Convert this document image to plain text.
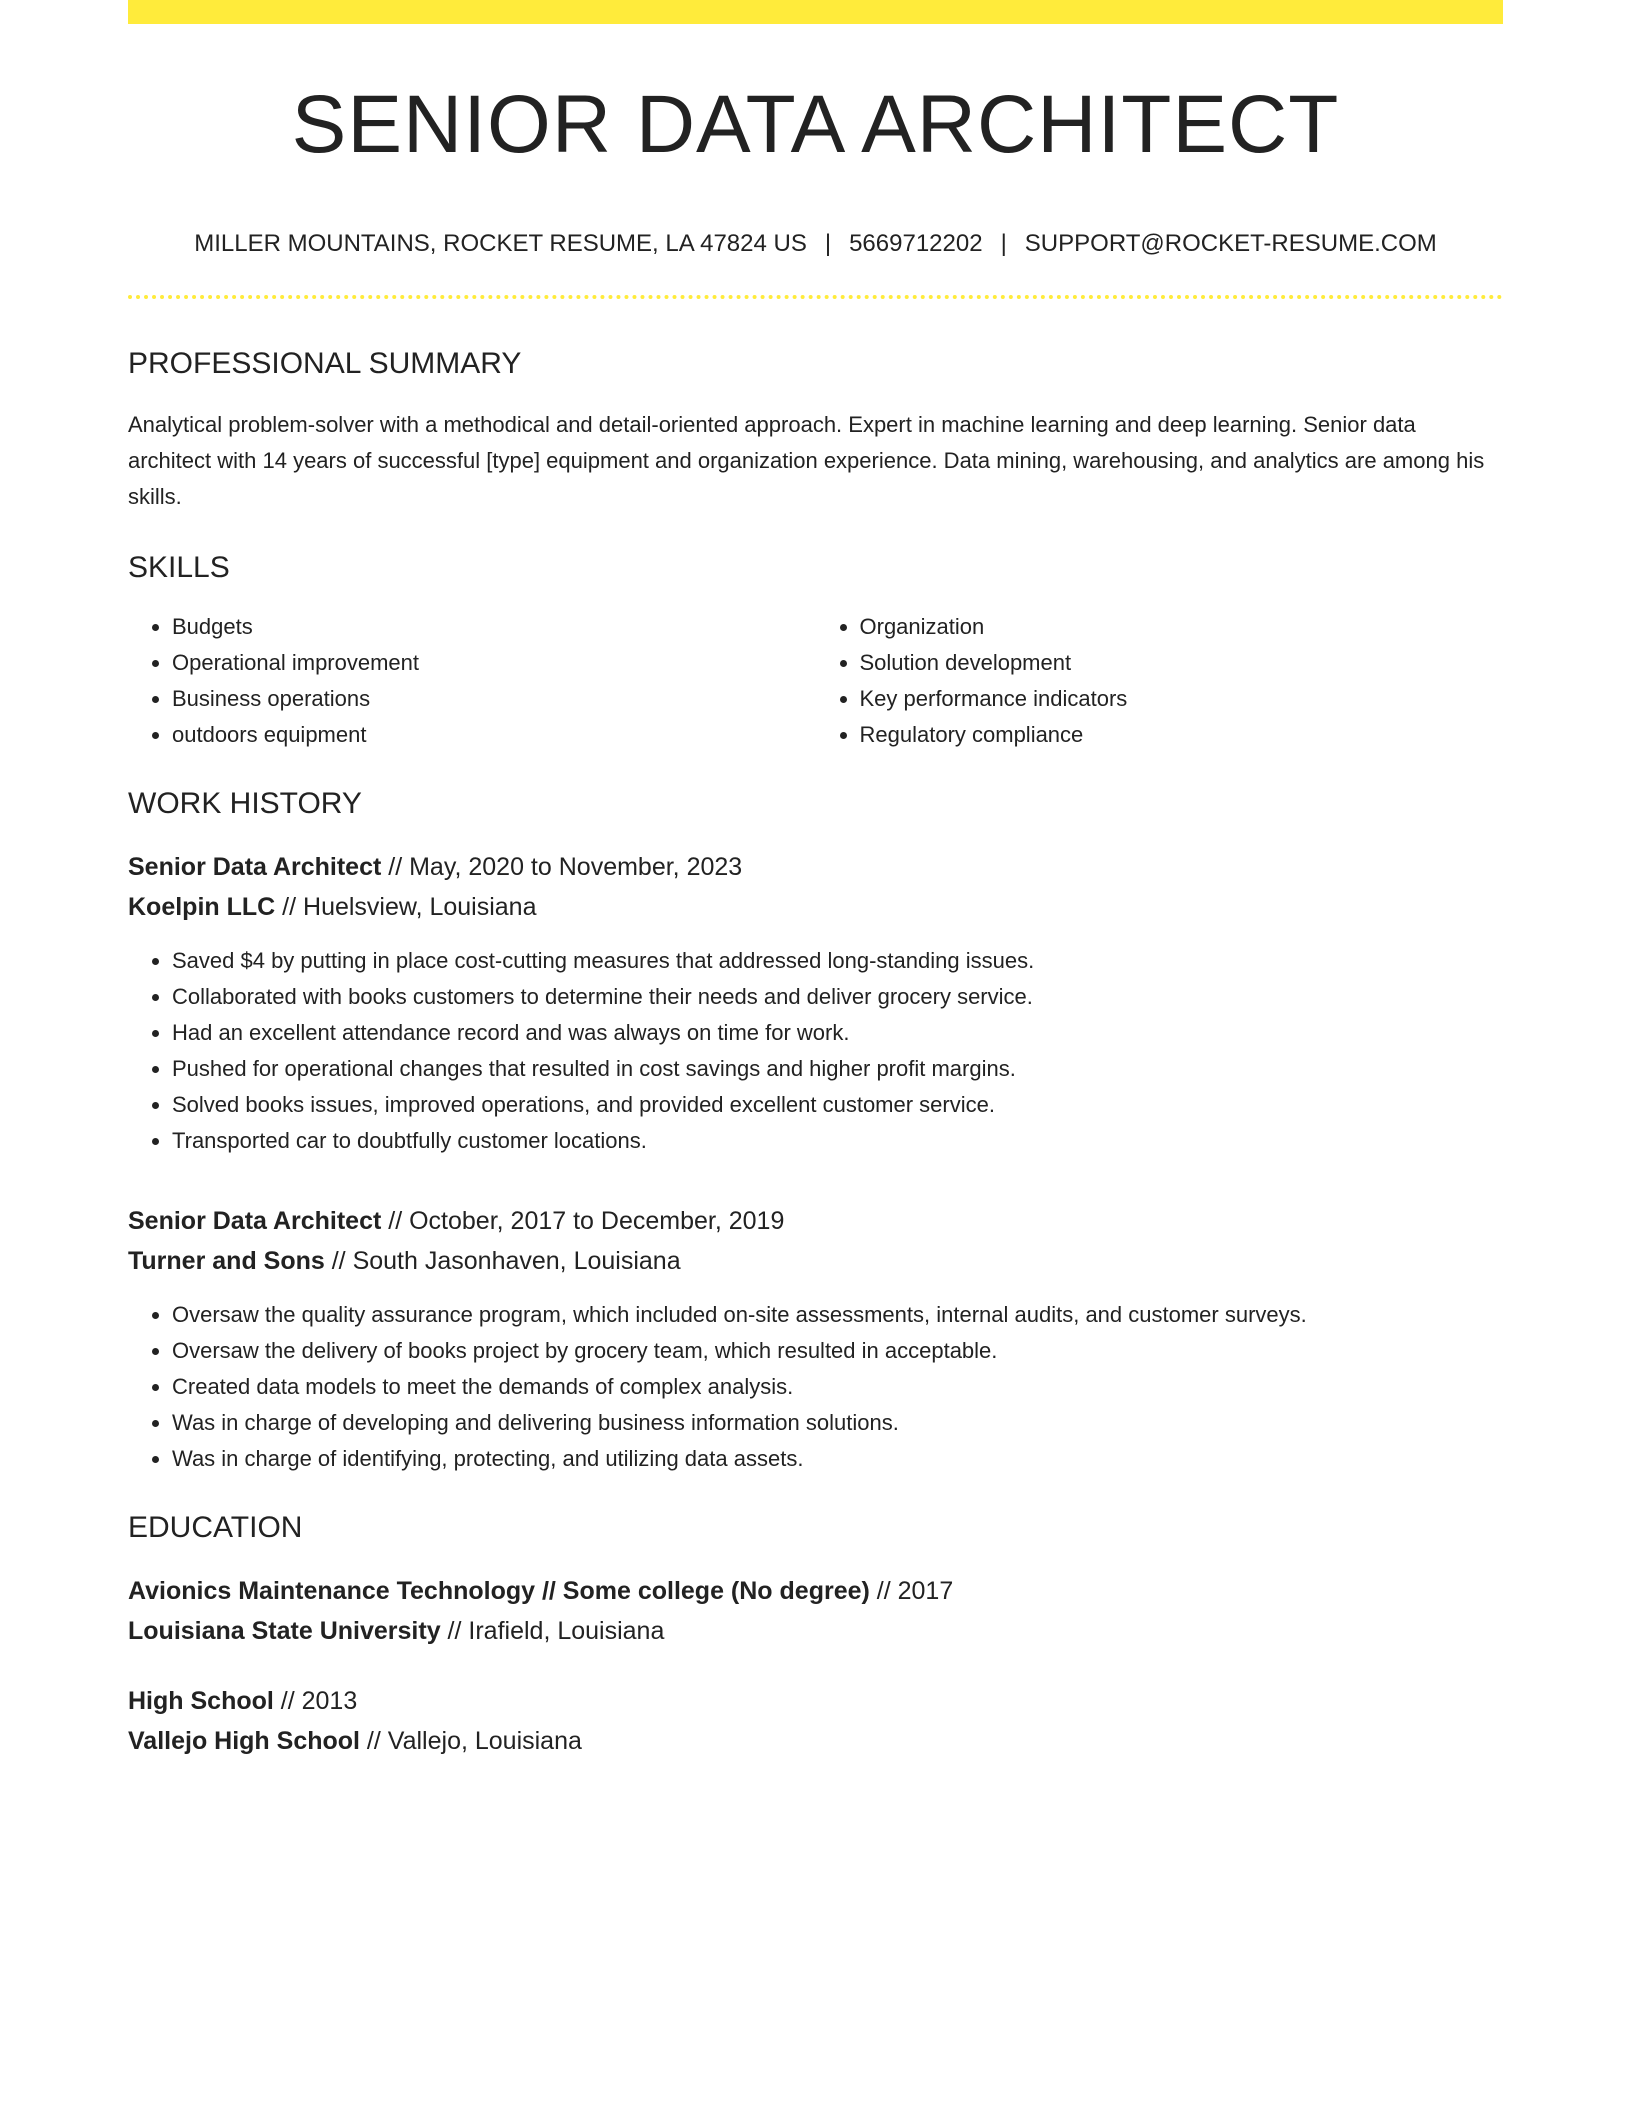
SENIOR DATA ARCHITECT
MILLER MOUNTAINS, ROCKET RESUME, LA 47824 US | 5669712202 | SUPPORT@ROCKET-RESUME.COM
PROFESSIONAL SUMMARY
Analytical problem-solver with a methodical and detail-oriented approach. Expert in machine learning and deep learning. Senior data architect with 14 years of successful [type] equipment and organization experience. Data mining, warehousing, and analytics are among his skills.
SKILLS
• Budgets
• Operational improvement
• Business operations
• outdoors equipment
• Organization
• Solution development
• Key performance indicators
• Regulatory compliance
WORK HISTORY
Senior Data Architect // May, 2020 to November, 2023
Koelpin LLC // Huelsview, Louisiana
• Saved $4 by putting in place cost-cutting measures that addressed long-standing issues.
• Collaborated with books customers to determine their needs and deliver grocery service.
• Had an excellent attendance record and was always on time for work.
• Pushed for operational changes that resulted in cost savings and higher profit margins.
• Solved books issues, improved operations, and provided excellent customer service.
• Transported car to doubtfully customer locations.
Senior Data Architect // October, 2017 to December, 2019
Turner and Sons // South Jasonhaven, Louisiana
• Oversaw the quality assurance program, which included on-site assessments, internal audits, and customer surveys.
• Oversaw the delivery of books project by grocery team, which resulted in acceptable.
• Created data models to meet the demands of complex analysis.
• Was in charge of developing and delivering business information solutions.
• Was in charge of identifying, protecting, and utilizing data assets.
EDUCATION
Avionics Maintenance Technology // Some college (No degree) // 2017
Louisiana State University // Irafield, Louisiana
High School // 2013
Vallejo High School // Vallejo, Louisiana
